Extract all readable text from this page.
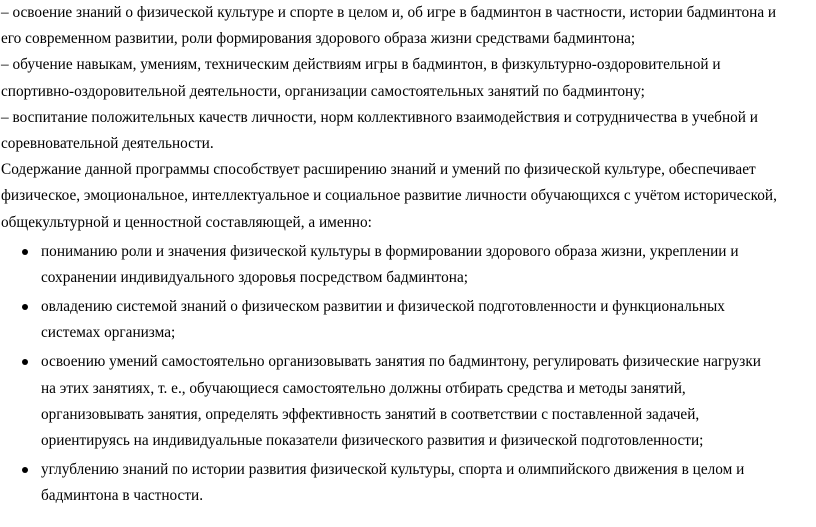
– освоение знаний о физической культуре и спорте в целом и, об игре в бадминтон в частности, истории бадминтона и
его современном развитии, роли формирования здорового образа жизни средствами бадминтона;
– обучение навыкам, умениям, техническим действиям игры в бадминтон, в физкультурно-оздоровительной и
спортивно-оздоровительной деятельности, организации самостоятельных занятий по бадминтону;
– воспитание положительных качеств личности, норм коллективного взаимодействия и сотрудничества в учебной и
соревновательной деятельности.
Содержание данной программы способствует расширению знаний и умений по физической культуре, обеспечивает
физическое, эмоциональное, интеллектуальное и социальное развитие личности обучающихся с учётом исторической,
общекультурной и ценностной составляющей, а именно:
пониманию роли и значения физической культуры в формировании здорового образа жизни, укреплении и
сохранении индивидуального здоровья посредством бадминтона;
овладению системой знаний о физическом развитии и физической подготовленности и функциональных
системах организма;
освоению умений самостоятельно организовывать занятия по бадминтону, регулировать физические нагрузки
на этих занятиях, т. е., обучающиеся самостоятельно должны отбирать средства и методы занятий,
организовывать занятия, определять эффективность занятий в соответствии с поставленной задачей,
ориентируясь на индивидуальные показатели физического развития и физической подготовленности;
углублению знаний по истории развития физической культуры, спорта и олимпийского движения в целом и
бадминтона в частности.
